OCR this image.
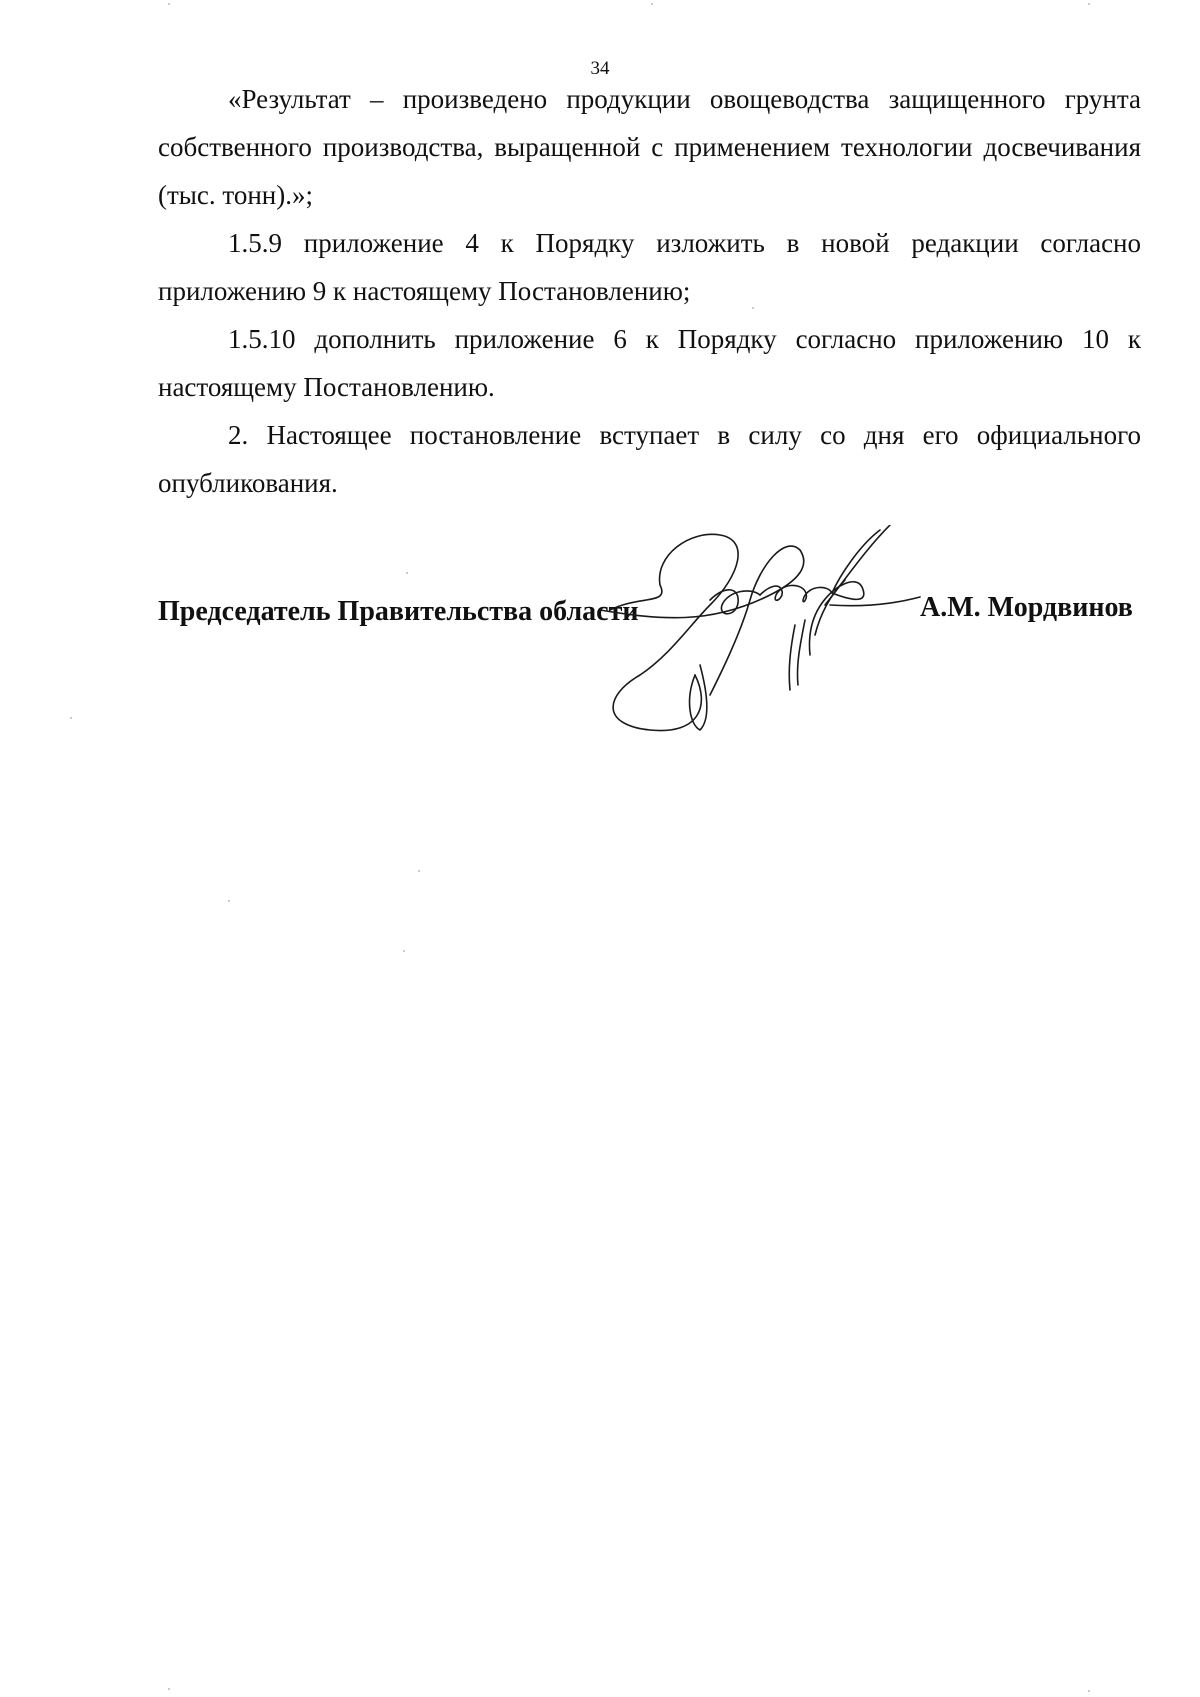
34

«Результат – произведено продукции овощеводства защищенного грунта собственного производства, выращенной с применением технологии досвечивания (тыс. тонн).»;

1.5.9 приложение 4 к Порядку изложить в новой редакции согласно приложению 9 к настоящему Постановлению;

1.5.10 дополнить приложение 6 к Порядку согласно приложению 10 к настоящему Постановлению.

2. Настоящее постановление вступает в силу со дня его официального опубликования.

Председатель Правительства области	А.М. Мордвинов
